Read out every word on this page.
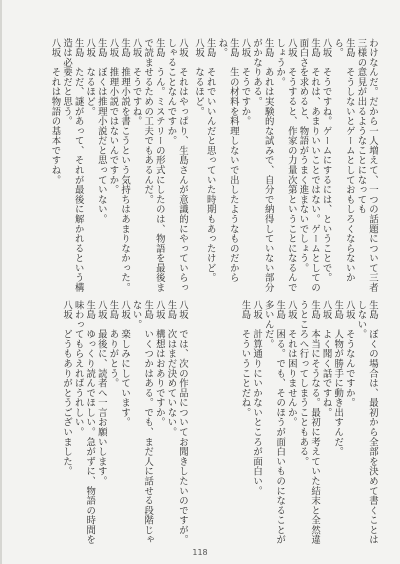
わけなんだ。だから一人増えて、一つの話題について三者三様の意見が出るようなことになっても
生島　そうしないとゲームとしておもしろくならないから。
八坂　そうですね。ゲームにするには、ということで。
生島　それは、あまりいいことではない。ゲームとしての面白さを求めると、物語がうまく進まないでしょう。
八坂　そうすると、作家の力量次第ということになるんでしょうか。
生島　あれは実験的な試みで、自分で納得していない部分がかなりある。
八坂　そうですか。
生島　生の材料を料理しないで出したようなものだからね。
生島　それでいいんだと思っていた時期もあったけど。
八坂　なるほど。
八坂　それはやっぱり、生島さんが意識的にやっていらっしゃることなんですか。
生島　うん。ミステリーの形式にしたのは、物語を最後まで読ませるための工夫でもあるんだ。
八坂　そうですね。
生島　推理小説を書こうという気持ちはあまりなかった。
八坂　推理小説ではないんですか。
生島　ぼくは推理小説だと思っていない。
八坂　なるほど。
生島　ただ、謎があって、それが最後に解かれるという構造は必要だと思う。
八坂　それは物語の基本ですね。
生島　ぼくの場合は、最初から全部を決めて書くことはしない。
八坂　そうなんですか。
生島　人物が勝手に動き出すんだ。
八坂　よく聞く話ですね。
生島　本当にそうなる。最初に考えていた結末と全然違うところへ行ってしまうこともある。
八坂　それは困りませんか。
生島　困る。でも、そのほうが面白いものになることが多いんだ。
八坂　計算通りにいかないところが面白い。
生島　そういうことだね。
八坂　では、次の作品についてお聞きしたいのですが。
生島　次はまだ決めていない。
八坂　構想はおありですか。
生島　いくつかはある。でも、まだ人に話せる段階じゃない。
八坂　楽しみにしています。
生島　ありがとう。
八坂　最後に、読者へ一言お願いします。
生島　ゆっくり読んでほしい。急がずに、物語の時間を味わってもらえればうれしい。
八坂　どうもありがとうございました。
118
